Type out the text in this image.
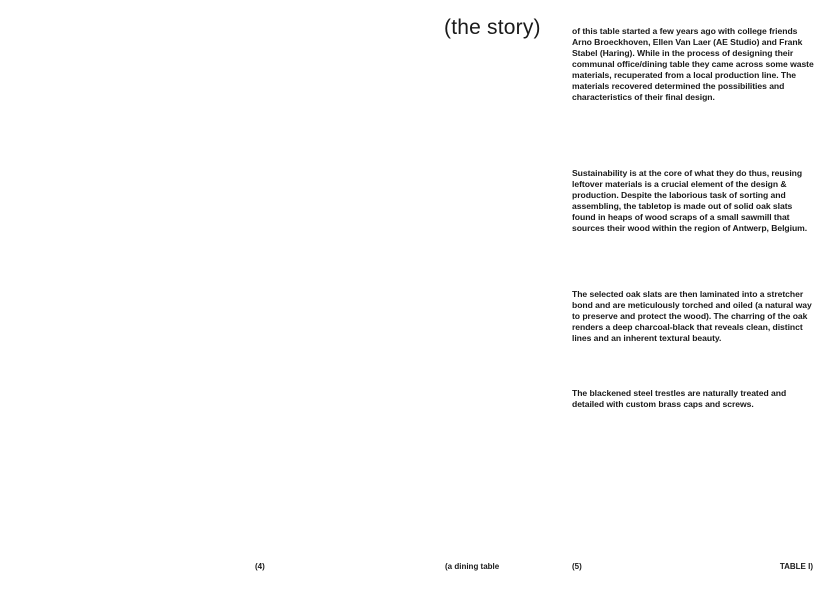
(the story)
(4)	(a dining table

of this table started a few years ago with college friends Arno Broeckhoven, Ellen Van Laer (AE Studio) and Frank Stabel (Haring). While in the process of designing their communal office/dining table they came across some waste materials, recuperated from a local production line. The materials recovered determined the possibilities and characteristics of their final design.

Sustainability is at the core of what they do thus, reusing leftover materials is a crucial element of the design & production. Despite the laborious task of sorting and assembling, the tabletop is made out of solid oak slats found in heaps of wood scraps of a small sawmill that sources their wood within the region of Antwerp, Belgium.

The selected oak slats are then laminated into a stretcher bond and are meticulously torched and oiled (a natural way to preserve and protect the wood). The charring of the oak renders a deep charcoal-black that reveals clean, distinct lines and an inherent textural beauty.

The blackened steel trestles are naturally treated and detailed with custom brass caps and screws.

(5)	TABLE I)
